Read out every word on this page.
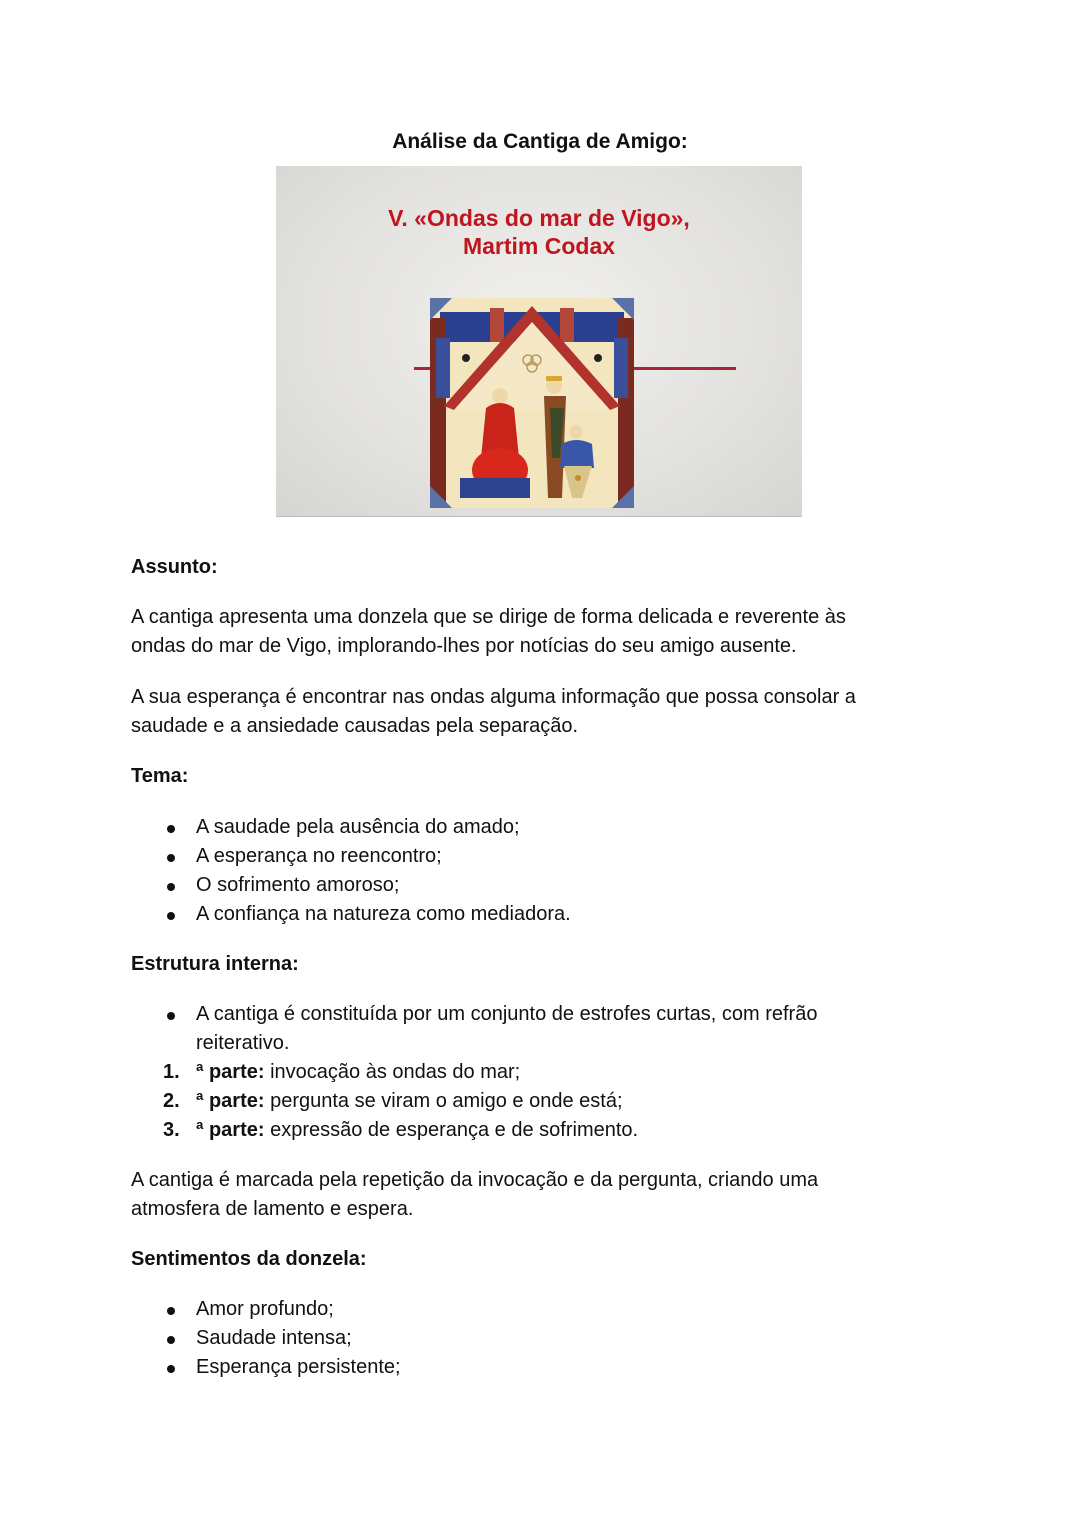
Análise da Cantiga de Amigo:
V. «Ondas do mar de Vigo»,
Martim Codax
Assunto:
A cantiga apresenta uma donzela que se dirige de forma delicada e reverente às
ondas do mar de Vigo, implorando-lhes por notícias do seu amigo ausente.
A sua esperança é encontrar nas ondas alguma informação que possa consolar a
saudade e a ansiedade causadas pela separação.
Tema:
A saudade pela ausência do amado;
A esperança no reencontro;
O sofrimento amoroso;
A confiança na natureza como mediadora.
Estrutura interna:
A cantiga é constituída por um conjunto de estrofes curtas, com refrão
reiterativo.
1. ª parte: invocação às ondas do mar;
2. ª parte: pergunta se viram o amigo e onde está;
3. ª parte: expressão de esperança e de sofrimento.
A cantiga é marcada pela repetição da invocação e da pergunta, criando uma
atmosfera de lamento e espera.
Sentimentos da donzela:
Amor profundo;
Saudade intensa;
Esperança persistente;
